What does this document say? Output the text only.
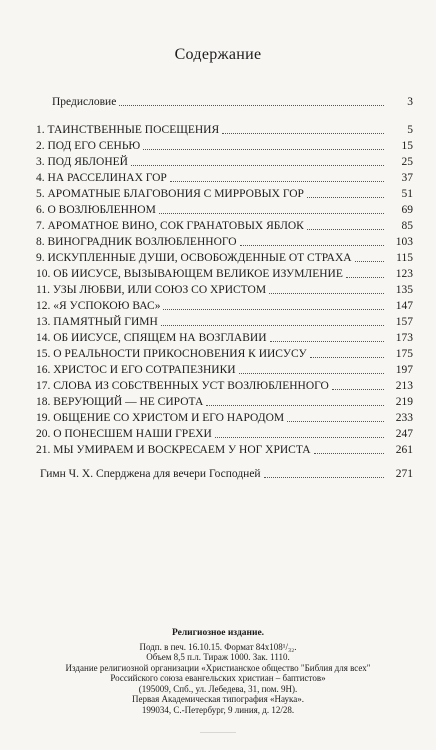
Содержание
Предисловие	3
1. ТАИНСТВЕННЫЕ ПОСЕЩЕНИЯ	5
2. ПОД ЕГО СЕНЬЮ	15
3. ПОД ЯБЛОНЕЙ	25
4. НА РАССЕЛИНАХ ГОР	37
5. АРОМАТНЫЕ БЛАГОВОНИЯ С МИРРОВЫХ ГОР	51
6. О ВОЗЛЮБЛЕННОМ	69
7. АРОМАТНОЕ ВИНО, СОК ГРАНАТОВЫХ ЯБЛОК	85
8. ВИНОГРАДНИК ВОЗЛЮБЛЕННОГО	103
9. ИСКУПЛЕННЫЕ ДУШИ, ОСВОБОЖДЕННЫЕ ОТ СТРАХА	115
10. ОБ ИИСУСЕ, ВЫЗЫВАЮЩЕМ ВЕЛИКОЕ ИЗУМЛЕНИЕ	123
11. УЗЫ ЛЮБВИ, ИЛИ СОЮЗ СО ХРИСТОМ	135
12. «Я УСПОКОЮ ВАС»	147
13. ПАМЯТНЫЙ ГИМН	157
14. ОБ ИИСУСЕ, СПЯЩЕМ НА ВОЗГЛАВИИ	173
15. О РЕАЛЬНОСТИ ПРИКОСНОВЕНИЯ К ИИСУСУ	175
16. ХРИСТОС И ЕГО СОТРАПЕЗНИКИ	197
17. СЛОВА ИЗ СОБСТВЕННЫХ УСТ ВОЗЛЮБЛЕННОГО	213
18. ВЕРУЮЩИЙ — НЕ СИРОТА	219
19. ОБЩЕНИЕ СО ХРИСТОМ И ЕГО НАРОДОМ	233
20. О ПОНЕСШЕМ НАШИ ГРЕХИ	247
21. МЫ УМИРАЕМ И ВОСКРЕСАЕМ У НОГ ХРИСТА	261
Гимн Ч. Х. Сперджена для вечери Господней	271
Религиозное издание.
Подп. в печ. 16.10.15. Формат 84х108¹/₃₂.
Объем 8,5 п.л. Тираж 1000. Зак. 1110.
Издание религиозной организации «Христианское общество "Библия для всех"
Российского союза евангельских христиан – баптистов»
(195009, Спб., ул. Лебедева, 31, пом. 9Н).
Первая Академическая типография «Наука».
199034, С.-Петербург, 9 линия, д. 12/28.
